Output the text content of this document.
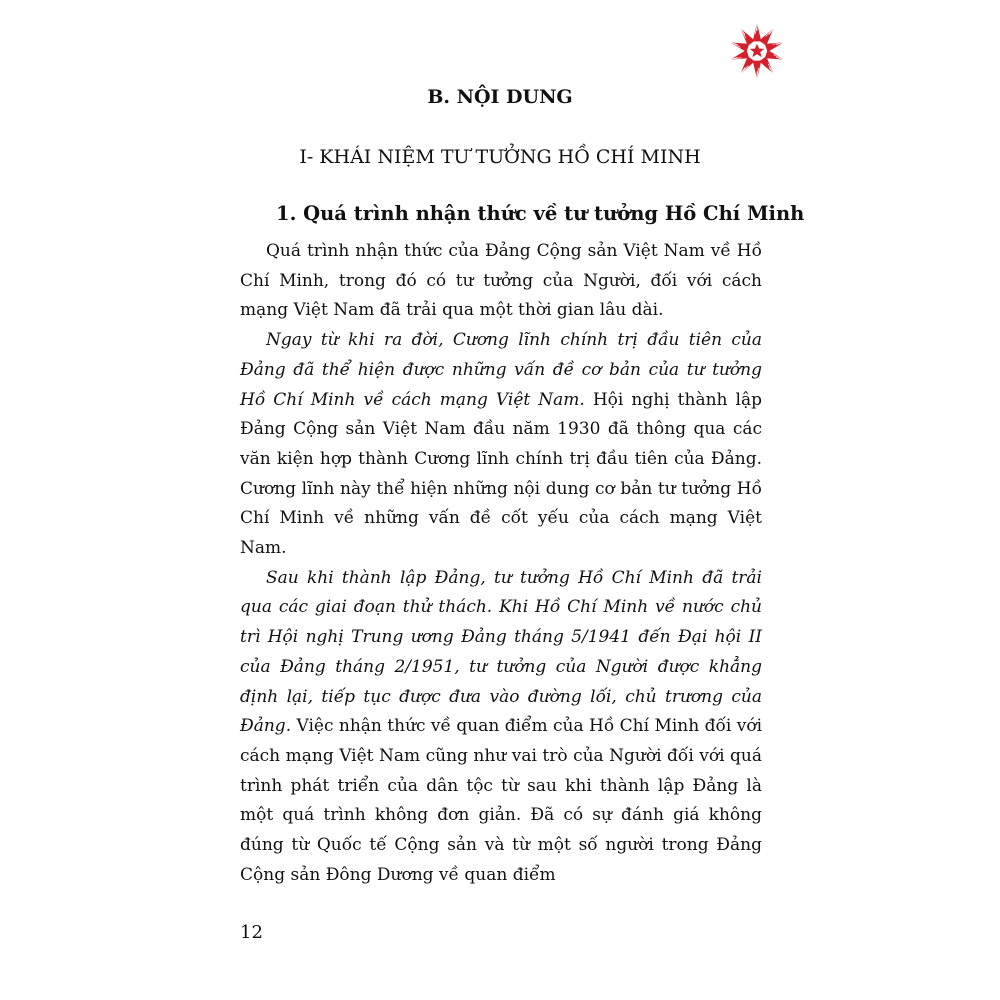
B. NỘI DUNG
I- KHÁI NIỆM TƯ TƯỞNG HỒ CHÍ MINH
1. Quá trình nhận thức về tư tưởng Hồ Chí Minh

Quá trình nhận thức của Đảng Cộng sản Việt Nam về Hồ Chí Minh, trong đó có tư tưởng của Người, đối với cách mạng Việt Nam đã trải qua một thời gian lâu dài.

Ngay từ khi ra đời, Cương lĩnh chính trị đầu tiên của Đảng đã thể hiện được những vấn đề cơ bản của tư tưởng Hồ Chí Minh về cách mạng Việt Nam. Hội nghị thành lập Đảng Cộng sản Việt Nam đầu năm 1930 đã thông qua các văn kiện hợp thành Cương lĩnh chính trị đầu tiên của Đảng. Cương lĩnh này thể hiện những nội dung cơ bản tư tưởng Hồ Chí Minh về những vấn đề cốt yếu của cách mạng Việt Nam.

Sau khi thành lập Đảng, tư tưởng Hồ Chí Minh đã trải qua các giai đoạn thử thách. Khi Hồ Chí Minh về nước chủ trì Hội nghị Trung ương Đảng tháng 5/1941 đến Đại hội II của Đảng tháng 2/1951, tư tưởng của Người được khẳng định lại, tiếp tục được đưa vào đường lối, chủ trương của Đảng. Việc nhận thức về quan điểm của Hồ Chí Minh đối với cách mạng Việt Nam cũng như vai trò của Người đối với quá trình phát triển của dân tộc từ sau khi thành lập Đảng là một quá trình không đơn giản. Đã có sự đánh giá không đúng từ Quốc tế Cộng sản và từ một số người trong Đảng Cộng sản Đông Dương về quan điểm

12
